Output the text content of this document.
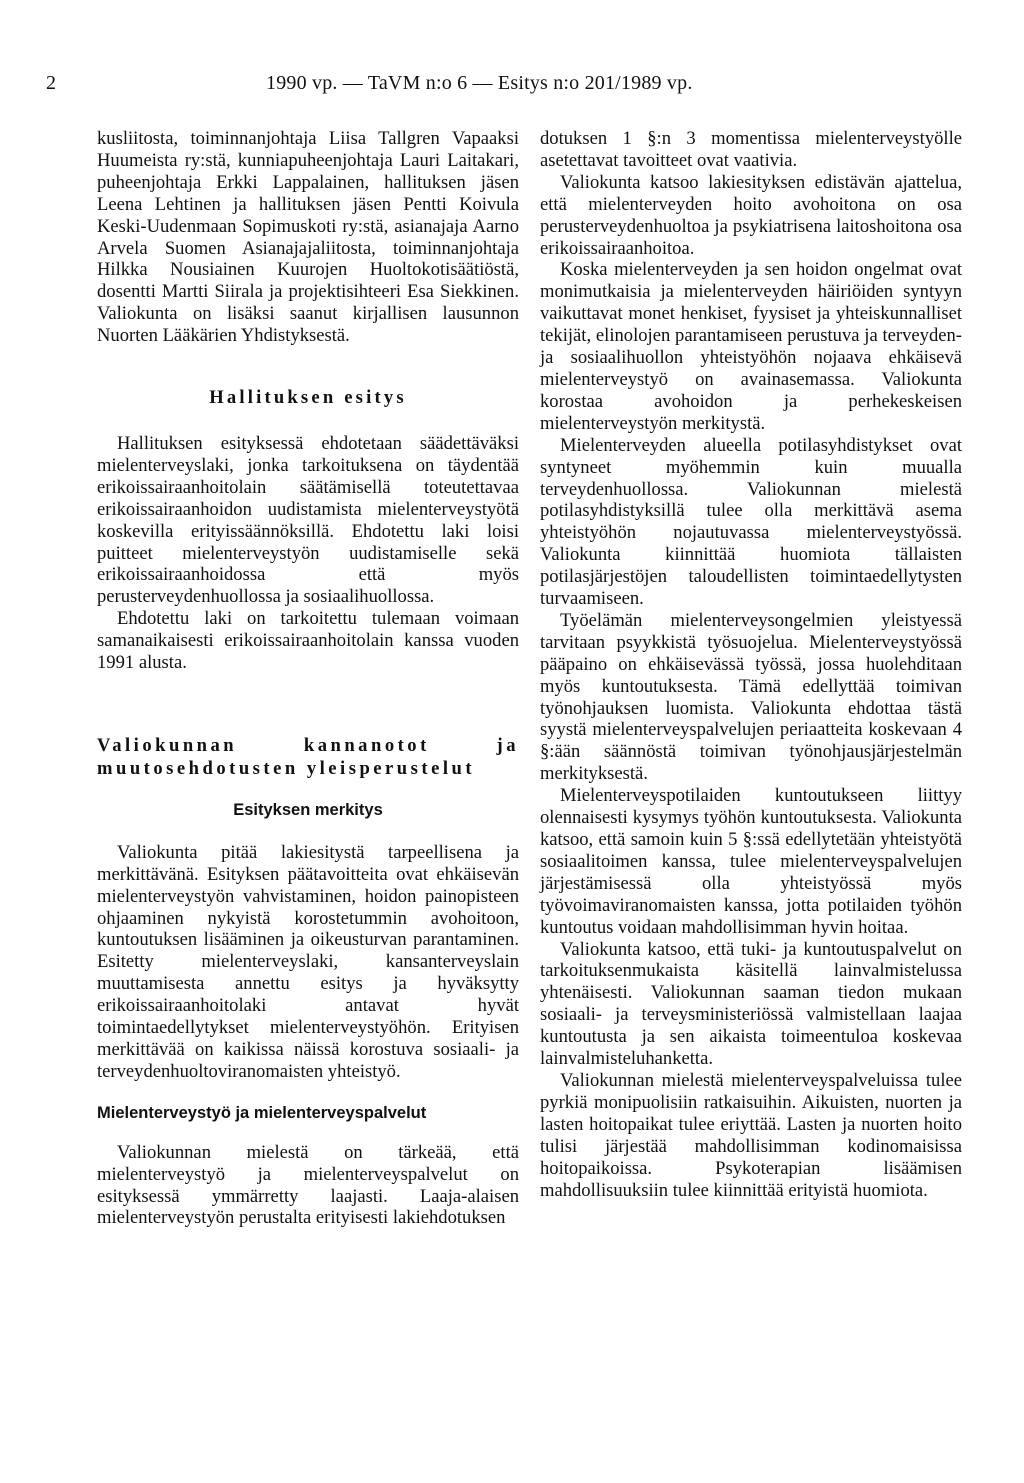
2	1990 vp. — TaVM n:o 6 — Esitys n:o 201/1989 vp.

kusliitosta, toiminnanjohtaja Liisa Tallgren Vapaaksi Huumeista ry:stä, kunniapuheenjohtaja Lauri Laitakari, puheenjohtaja Erkki Lappalainen, hallituksen jäsen Leena Lehtinen ja hallituksen jäsen Pentti Koivula Keski-Uudenmaan Sopimuskoti ry:stä, asianajaja Aarno Arvela Suomen Asianajajaliitosta, toiminnanjohtaja Hilkka Nousiainen Kuurojen Huoltokotisäätiöstä, dosentti Martti Siirala ja projektisihteeri Esa Siekkinen. Valiokunta on lisäksi saanut kirjallisen lausunnon Nuorten Lääkärien Yhdistyksestä.

Hallituksen esitys

Hallituksen esityksessä ehdotetaan säädettäväksi mielenterveyslaki, jonka tarkoituksena on täydentää erikoissairaanhoitolain säätämisellä toteutettavaa erikoissairaanhoidon uudistamista mielenterveystyötä koskevilla erityissäännöksillä. Ehdotettu laki loisi puitteet mielenterveystyön uudistamiselle sekä erikoissairaanhoidossa että myös perusterveydenhuollossa ja sosiaalihuollossa.

Ehdotettu laki on tarkoitettu tulemaan voimaan samanaikaisesti erikoissairaanhoitolain kanssa vuoden 1991 alusta.

Valiokunnan kannanotot ja muutosehdotusten yleisperustelut
Esityksen merkitys

Valiokunta pitää lakiesitystä tarpeellisena ja merkittävänä. Esityksen päätavoitteita ovat ehkäisevän mielenterveystyön vahvistaminen, hoidon painopisteen ohjaaminen nykyistä korostetummin avohoitoon, kuntoutuksen lisääminen ja oikeusturvan parantaminen. Esitetty mielenterveyslaki, kansanterveyslain muuttamisesta annettu esitys ja hyväksytty erikoissairaanhoitolaki antavat hyvät toimintaedellytykset mielenterveystyöhön. Erityisen merkittävää on kaikissa näissä korostuva sosiaali- ja terveydenhuoltoviranomaisten yhteistyö.

Mielenterveystyö ja mielenterveyspalvelut

Valiokunnan mielestä on tärkeää, että mielenterveystyö ja mielenterveyspalvelut on esityksessä ymmärretty laajasti. Laaja-alaisen mielenterveystyön perustalta erityisesti lakiehdotuksen

dotuksen 1 §:n 3 momentissa mielenterveystyölle asetettavat tavoitteet ovat vaativia.

Valiokunta katsoo lakiesityksen edistävän ajattelua, että mielenterveyden hoito avohoitona on osa perusterveydenhuoltoa ja psykiatrisena laitoshoitona osa erikoissairaanhoitoa.

Koska mielenterveyden ja sen hoidon ongelmat ovat monimutkaisia ja mielenterveyden häiriöiden syntyyn vaikuttavat monet henkiset, fyysiset ja yhteiskunnalliset tekijät, elinolojen parantamiseen perustuva ja terveyden- ja sosiaalihuollon yhteistyöhön nojaava ehkäisevä mielenterveystyö on avainasemassa. Valiokunta korostaa avohoidon ja perhekeskeisen mielenterveystyön merkitystä.

Mielenterveyden alueella potilasyhdistykset ovat syntyneet myöhemmin kuin muualla terveydenhuollossa. Valiokunnan mielestä potilasyhdistyksillä tulee olla merkittävä asema yhteistyöhön nojautuvassa mielenterveystyössä. Valiokunta kiinnittää huomiota tällaisten potilasjärjestöjen taloudellisten toimintaedellytysten turvaamiseen.

Työelämän mielenterveysongelmien yleistyessä tarvitaan psyykkistä työsuojelua. Mielenterveystyössä pääpaino on ehkäisevässä työssä, jossa huolehditaan myös kuntoutuksesta. Tämä edellyttää toimivan työnohjauksen luomista. Valiokunta ehdottaa tästä syystä mielenterveyspalvelujen periaatteita koskevaan 4 §:ään säännöstä toimivan työnohjausjärjestelmän merkityksestä.

Mielenterveyspotilaiden kuntoutukseen liittyy olennaisesti kysymys työhön kuntoutuksesta. Valiokunta katsoo, että samoin kuin 5 §:ssä edellytetään yhteistyötä sosiaalitoimen kanssa, tulee mielenterveyspalvelujen järjestämisessä olla yhteistyössä myös työvoimaviranomaisten kanssa, jotta potilaiden työhön kuntoutus voidaan mahdollisimman hyvin hoitaa.

Valiokunta katsoo, että tuki- ja kuntoutuspalvelut on tarkoituksenmukaista käsitellä lainvalmistelussa yhtenäisesti. Valiokunnan saaman tiedon mukaan sosiaali- ja terveysministeriössä valmistellaan laajaa kuntoutusta ja sen aikaista toimeentuloa koskevaa lainvalmisteluhanketta.

Valiokunnan mielestä mielenterveyspalveluissa tulee pyrkiä monipuolisiin ratkaisuihin. Aikuisten, nuorten ja lasten hoitopaikat tulee eriyttää. Lasten ja nuorten hoito tulisi järjestää mahdollisimman kodinomaisissa hoitopaikoissa. Psykoterapian lisäämisen mahdollisuuksiin tulee kiinnittää erityistä huomiota.
